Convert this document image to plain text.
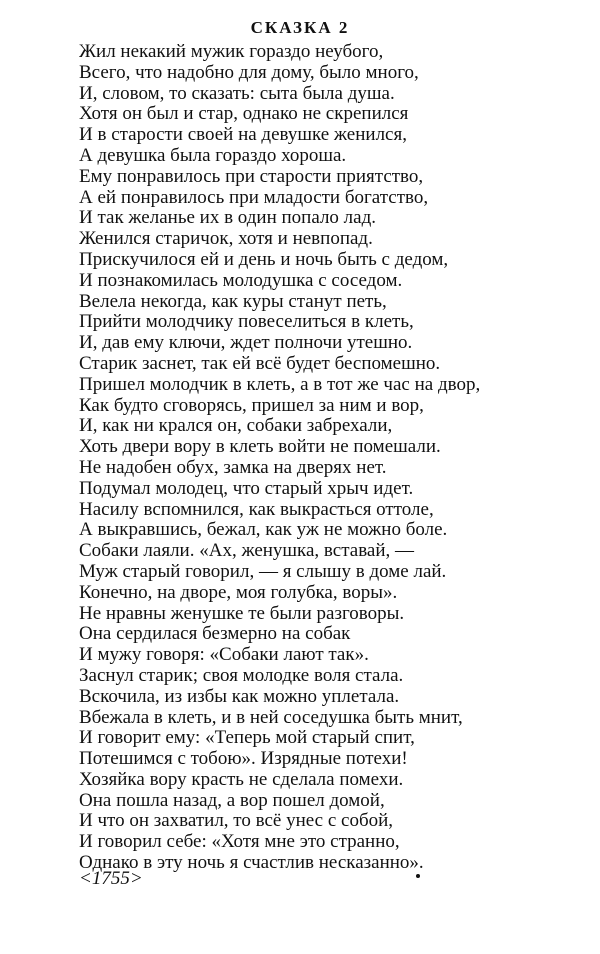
СКАЗКА 2
Жил некакий мужик гораздо неубого,
Всего, что надобно для дому, было много,
И, словом, то сказать: сыта была душа.
Хотя он был и стар, однако не скрепился
И в старости своей на девушке женился,
А девушка была гораздо хороша.
Ему понравилось при старости приятство,
А ей понравилось при младости богатство,
И так желанье их в один попало лад.
Женился старичок, хотя и невпопад.
Прискучилося ей и день и ночь быть с дедом,
И познакомилась молодушка с соседом.
Велела некогда, как куры станут петь,
Прийти молодчику повеселиться в клеть,
И, дав ему ключи, ждет полночи утешно.
Старик заснет, так ей всё будет беспомешно.
Пришел молодчик в клеть, а в тот же час на двор,
Как будто сговорясь, пришел за ним и вор,
И, как ни крался он, собаки забрехали,
Хоть двери вору в клеть войти не помешали.
Не надобен обух, замка на дверях нет.
Подумал молодец, что старый хрыч идет.
Насилу вспомнился, как выкрасться оттоле,
А выкравшись, бежал, как уж не можно боле.
Собаки лаяли. «Ах, женушка, вставай, —
Муж старый говорил, — я слышу в доме лай.
Конечно, на дворе, моя голубка, воры».
Не нравны женушке те были разговоры.
Она сердилася безмерно на собак
И мужу говоря: «Собаки лают так».
Заснул старик; своя молодке воля стала.
Вскочила, из избы как можно уплетала.
Вбежала в клеть, и в ней соседушка быть мнит,
И говорит ему: «Теперь мой старый спит,
Потешимся с тобою». Изрядные потехи!
Хозяйка вору красть не сделала помехи.
Она пошла назад, а вор пошел домой,
И что он захватил, то всё унес с собой,
И говорил себе: «Хотя мне это странно,
Однако в эту ночь я счастлив несказанно».
<1755>
